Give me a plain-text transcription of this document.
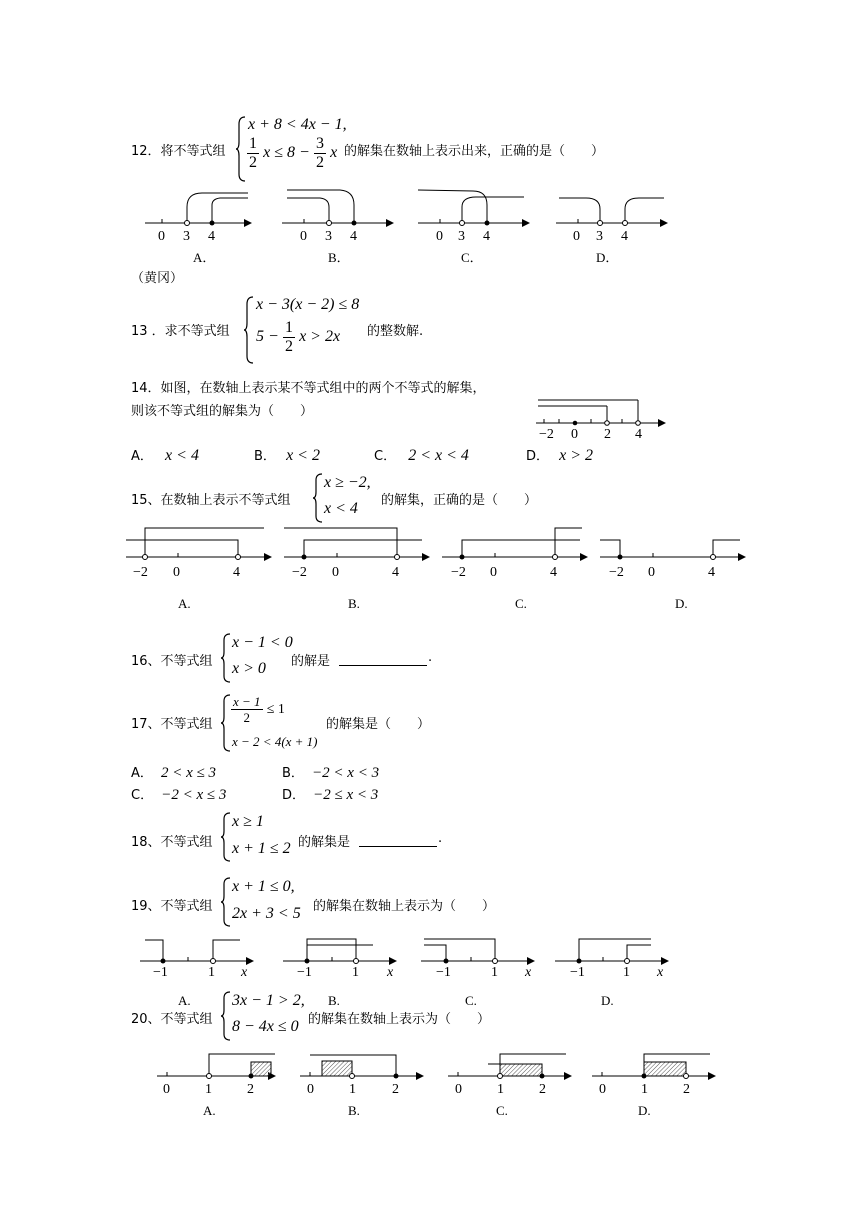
12．将不等式组
x + 8 < 4x − 1,
$\frac{1}{2}$ $x \le 8 - \frac{3}{2}$ x 的解集在数轴上表示出来，正确的是（　　）
0 3 4
A．
0 3 4
B．
0 3 4
C．
0 3 4
D．
（黄冈）
13 ．求不等式组
x − 3(x − 2) ≤ 8
$5 - \frac{1}{2}$ x > 2x 的整数解.
14．如图，在数轴上表示某不等式组中的两个不等式的解集，
则该不等式组的解集为（　　）
−2 0 2 4
A． x < 4	B． x < 2	C． 2 < x < 4	D． x > 2
15、在数轴上表示不等式组
x ≥ −2,
x < 4 的解集，正确的是（　　）
−2 0	4
A.
−2 0	4
B.
−2 0	4
C.
−2 0	4
D.
16、不等式组
x − 1 < 0
x > 0 的解是	.
17、不等式组
$\frac{x - 1}{2} \le 1$
x − 2 < 4(x + 1)
的解集是（　　）
A． 2 < x ≤ 3	B． −2 < x < 3
C． −2 < x ≤ 3	D． −2 ≤ x < 3
18、不等式组
x ≥ 1
x + 1 ≤ 2 的解集是	.
19、不等式组
x + 1 ≤ 0,
2x + 3 < 5 的解集在数轴上表示为（　　）
−1	1 x
A.
−1	1 x
B.
−1	1 x
C.
−1	1 x
D.
20、不等式组
3x − 1 > 2,
8 − 4x ≤ 0 的解集在数轴上表示为（　　）
0	1	2
A.
0	1	2
B.
0	1	2
C.
0	1	2
D.
